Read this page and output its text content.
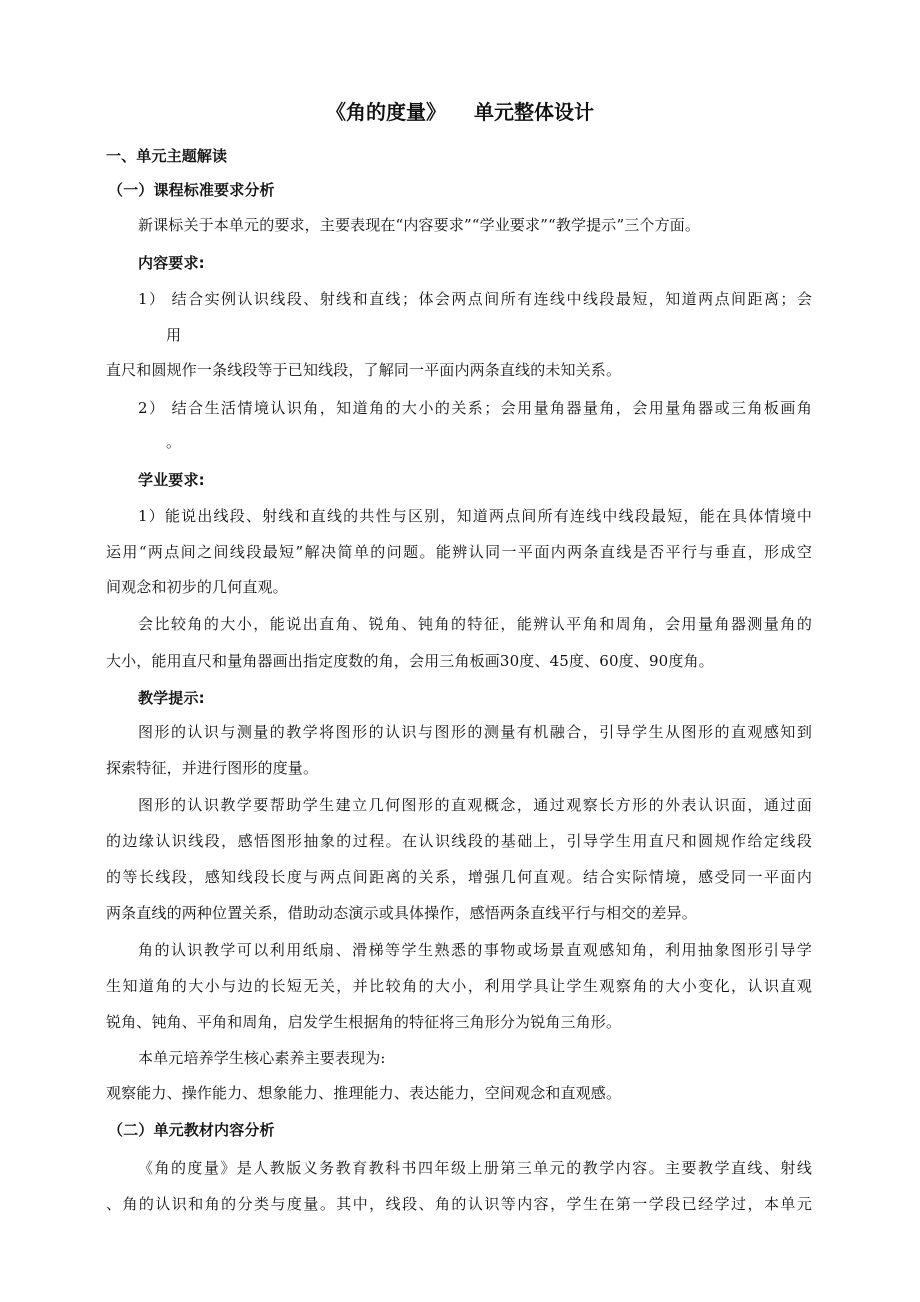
《角的度量》 单元整体设计
一、单元主题解读
（一）课程标准要求分析
新课标关于本单元的要求，主要表现在“内容要求”“学业要求”“教学提示”三个方面。
内容要求:
1） 结合实例认识线段、射线和直线；体会两点间所有连线中线段最短，知道两点间距离；会
用
直尺和圆规作一条线段等于已知线段，了解同一平面内两条直线的未知关系。
2） 结合生活情境认识角，知道角的大小的关系；会用量角器量角，会用量角器或三角板画角
。
学业要求:
1）能说出线段、射线和直线的共性与区别，知道两点间所有连线中线段最短，能在具体情境中
运用“两点间之间线段最短”解决简单的问题。能辨认同一平面内两条直线是否平行与垂直，形成空
间观念和初步的几何直观。
会比较角的大小，能说出直角、锐角、钝角的特征，能辨认平角和周角，会用量角器测量角的
大小，能用直尺和量角器画出指定度数的角，会用三角板画30度、45度、60度、90度角。
教学提示:
图形的认识与测量的教学将图形的认识与图形的测量有机融合，引导学生从图形的直观感知到
探索特征，并进行图形的度量。
图形的认识教学要帮助学生建立几何图形的直观概念，通过观察长方形的外表认识面，通过面
的边缘认识线段，感悟图形抽象的过程。在认识线段的基础上，引导学生用直尺和圆规作给定线段
的等长线段，感知线段长度与两点间距离的关系，增强几何直观。结合实际情境，感受同一平面内
两条直线的两种位置关系，借助动态演示或具体操作，感悟两条直线平行与相交的差异。
角的认识教学可以利用纸扇、滑梯等学生熟悉的事物或场景直观感知角，利用抽象图形引导学
生知道角的大小与边的长短无关，并比较角的大小，利用学具让学生观察角的大小变化，认识直观
锐角、钝角、平角和周角，启发学生根据角的特征将三角形分为锐角三角形。
本单元培养学生核心素养主要表现为:
观察能力、操作能力、想象能力、推理能力、表达能力，空间观念和直观感。
（二）单元教材内容分析
《角的度量》是人教版义务教育教科书四年级上册第三单元的教学内容。主要教学直线、射线
、角的认识和角的分类与度量。其中，线段、角的认识等内容，学生在第一学段已经学过，本单元
